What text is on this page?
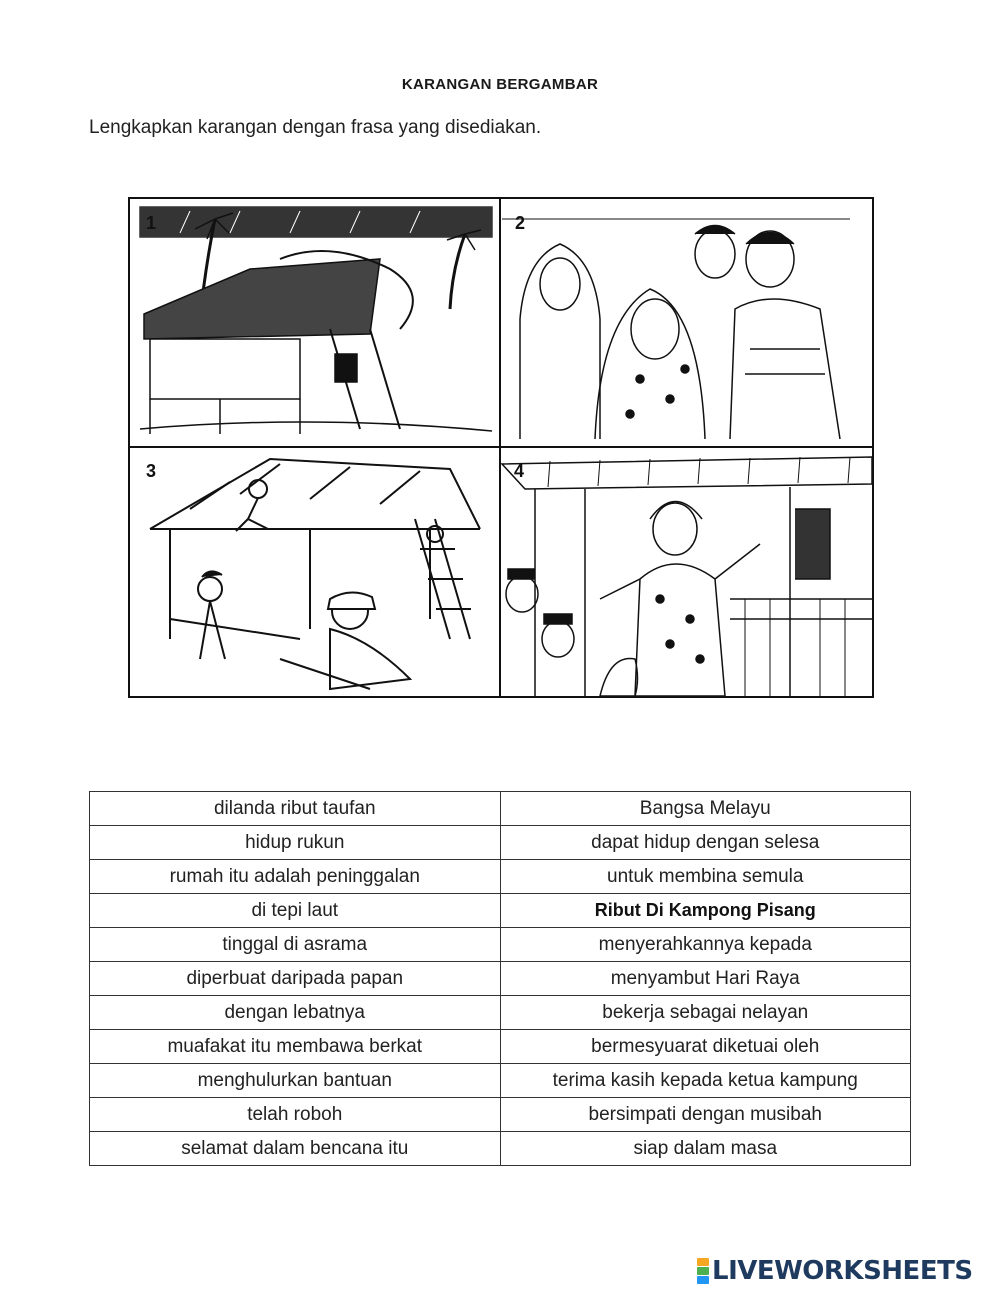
KARANGAN BERGAMBAR
Lengkapkan karangan dengan frasa yang disediakan.
1	2
3	4
dilanda ribut taufan	Bangsa Melayu
hidup rukun	dapat hidup dengan selesa
rumah itu adalah peninggalan	untuk membina semula
di tepi laut	Ribut Di Kampong Pisang
tinggal di asrama	menyerahkannya kepada
diperbuat daripada papan	menyambut Hari Raya
dengan lebatnya	bekerja sebagai nelayan
muafakat itu membawa berkat	bermesyuarat diketuai oleh
menghulurkan bantuan	terima kasih kepada ketua kampung
telah roboh	bersimpati dengan musibah
selamat dalam bencana itu	siap dalam masa
LIVEWORKSHEETS
